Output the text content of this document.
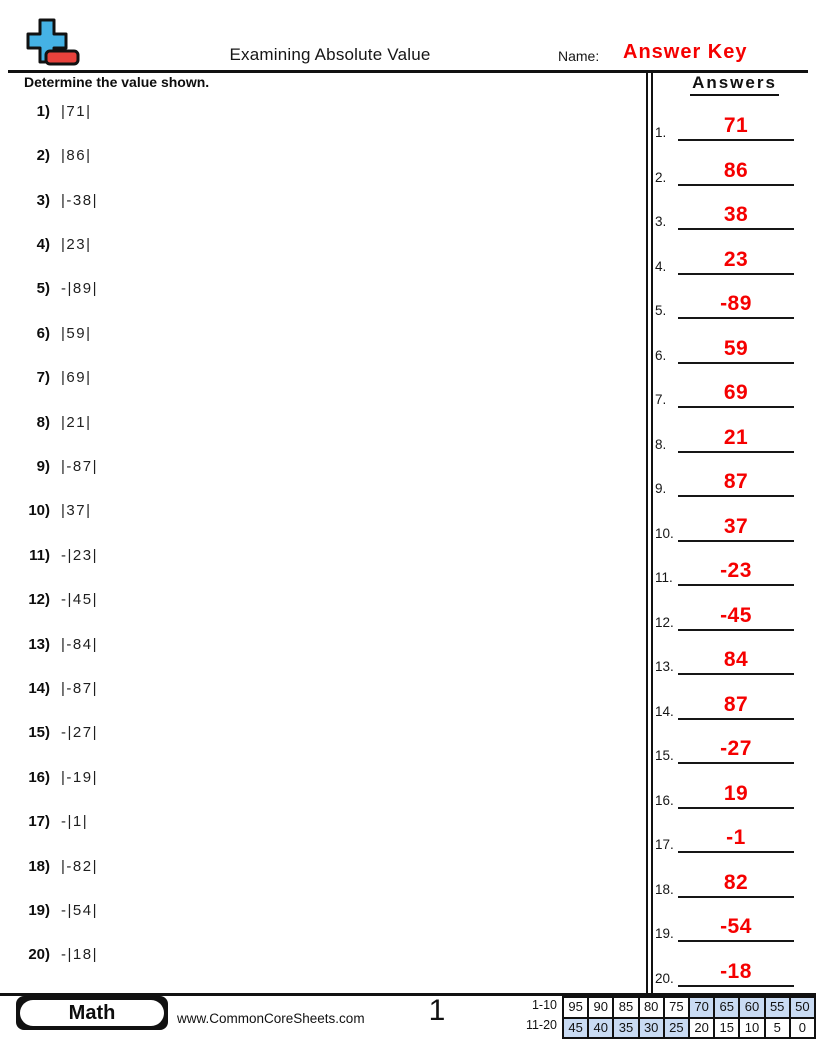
Examining Absolute Value	Name: Answer Key
Determine the value shown.
1) |71|
2) |86|
3) |-38|
4) |23|
5) -|89|
6) |59|
7) |69|
8) |21|
9) |-87|
10) |37|
11) -|23|
12) -|45|
13) |-84|
14) |-87|
15) -|27|
16) |-19|
17) -|1|
18) |-82|
19) -|54|
20) -|18|
Answers
1.	71
2.	86
3.	38
4.	23
5.	-89
6.	59
7.	69
8.	21
9.	87
10.	37
11.	-23
12.	-45
13.	84
14.	87
15.	-27
16.	19
17.	-1
18.	82
19.	-54
20.	-18
Math	www.CommonCoreSheets.com	1	1-10
11-20
95 90 85 80 75 70 65 60 55 50
45 40 35 30 25 20 15 10	5	0
